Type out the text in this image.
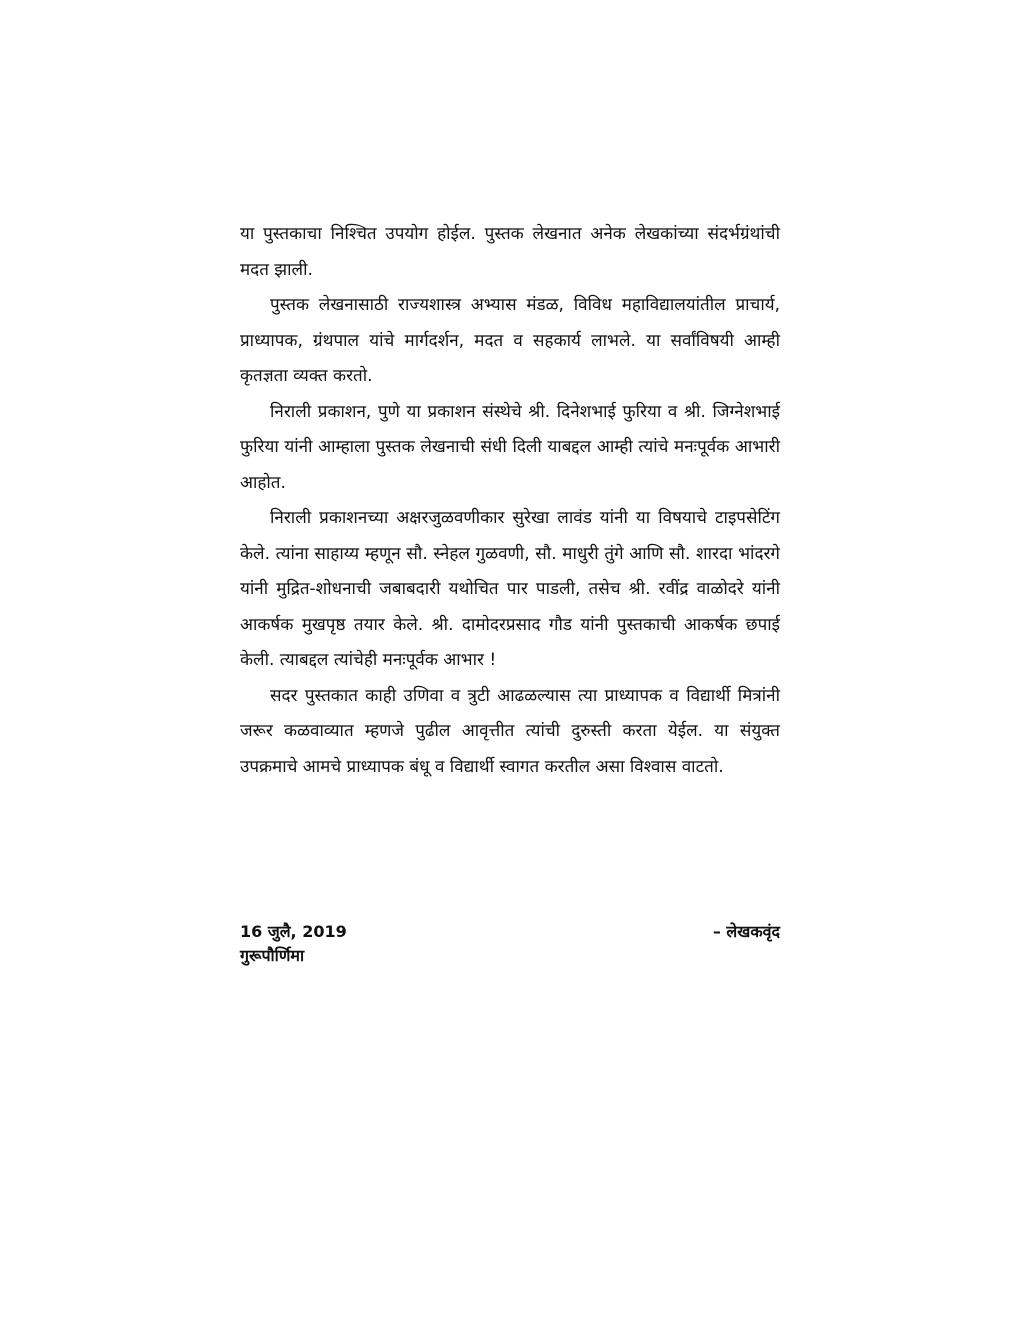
या पुस्तकाचा निश्चित उपयोग होईल. पुस्तक लेखनात अनेक लेखकांच्या संदर्भग्रंथांची मदत झाली.

पुस्तक लेखनासाठी राज्यशास्त्र अभ्यास मंडळ, विविध महाविद्यालयांतील प्राचार्य, प्राध्यापक, ग्रंथपाल यांचे मार्गदर्शन, मदत व सहकार्य लाभले. या सर्वांविषयी आम्ही कृतज्ञता व्यक्त करतो.

निराली प्रकाशन, पुणे या प्रकाशन संस्थेचे श्री. दिनेशभाई फुरिया व श्री. जिग्नेशभाई फुरिया यांनी आम्हाला पुस्तक लेखनाची संधी दिली याबद्दल आम्ही त्यांचे मनःपूर्वक आभारी आहोत.

निराली प्रकाशनच्या अक्षरजुळवणीकार सुरेखा लावंड यांनी या विषयाचे टाइपसेटिंग केले. त्यांना साहाय्य म्हणून सौ. स्नेहल गुळवणी, सौ. माधुरी तुंगे आणि सौ. शारदा भांदरगे यांनी मुद्रित-शोधनाची जबाबदारी यथोचित पार पाडली, तसेच श्री. रवींद्र वाळोदरे यांनी आकर्षक मुखपृष्ठ तयार केले. श्री. दामोदरप्रसाद गौड यांनी पुस्तकाची आकर्षक छपाई केली. त्याबद्दल त्यांचेही मनःपूर्वक आभार !

सदर पुस्तकात काही उणिवा व त्रुटी आढळल्यास त्या प्राध्यापक व विद्यार्थी मित्रांनी जरूर कळवाव्यात म्हणजे पुढील आवृत्तीत त्यांची दुरुस्ती करता येईल. या संयुक्त उपक्रमाचे आमचे प्राध्यापक बंधू व विद्यार्थी स्वागत करतील असा विश्वास वाटतो.

16 जुलै, 2019	– लेखकवृंद
गुरूपौर्णिमा
